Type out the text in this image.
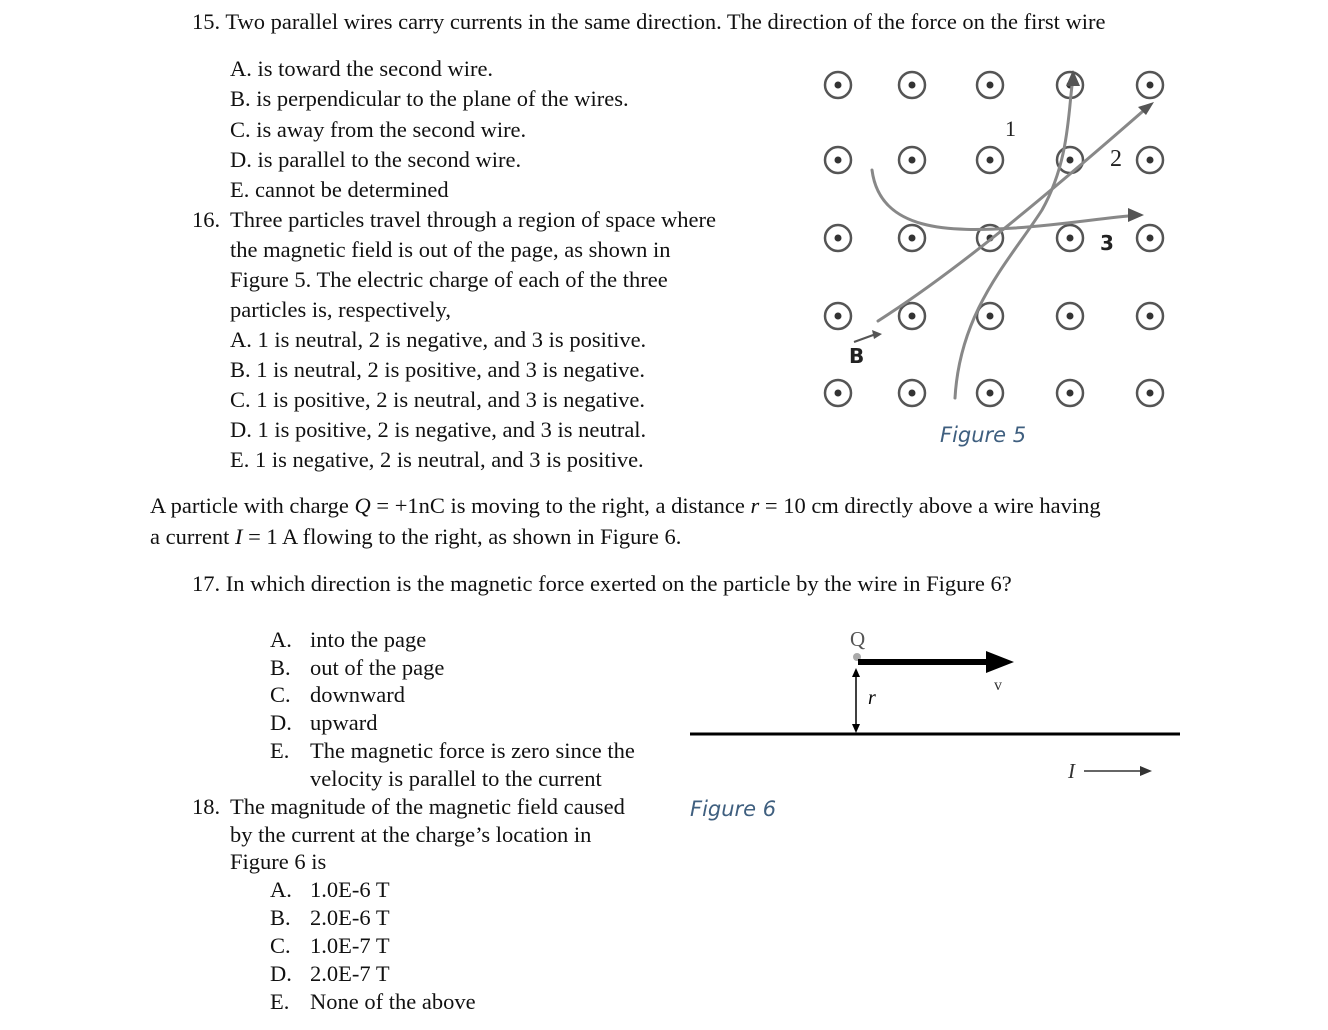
15. Two parallel wires carry currents in the same direction. The direction of the force on the first wire
A. is toward the second wire.
B. is perpendicular to the plane of the wires.
C. is away from the second wire.
D. is parallel to the second wire.
E. cannot be determined
16. Three particles travel through a region of space where
the magnetic field is out of the page, as shown in
Figure 5. The electric charge of each of the three
particles is, respectively,
A. 1 is neutral, 2 is negative, and 3 is positive.
B. 1 is neutral, 2 is positive, and 3 is negative.
C. 1 is positive, 2 is neutral, and 3 is negative.
D. 1 is positive, 2 is negative, and 3 is neutral.
E. 1 is negative, 2 is neutral, and 3 is positive.
1
2
3
B
Figure 5
A particle with charge Q = +1nC is moving to the right, a distance r = 10 cm directly above a wire having
a current I = 1 A flowing to the right, as shown in Figure 6.
17. In which direction is the magnetic force exerted on the particle by the wire in Figure 6?
A. into the page
B. out of the page
C. downward
D. upward
E. The magnetic force is zero since the
velocity is parallel to the current
18. The magnitude of the magnetic field caused
by the current at the charge’s location in
Figure 6 is
A. 1.0E-6 T
B. 2.0E-6 T
C. 1.0E-7 T
D. 2.0E-7 T
E. None of the above
Q
v
r
I
Figure 6
